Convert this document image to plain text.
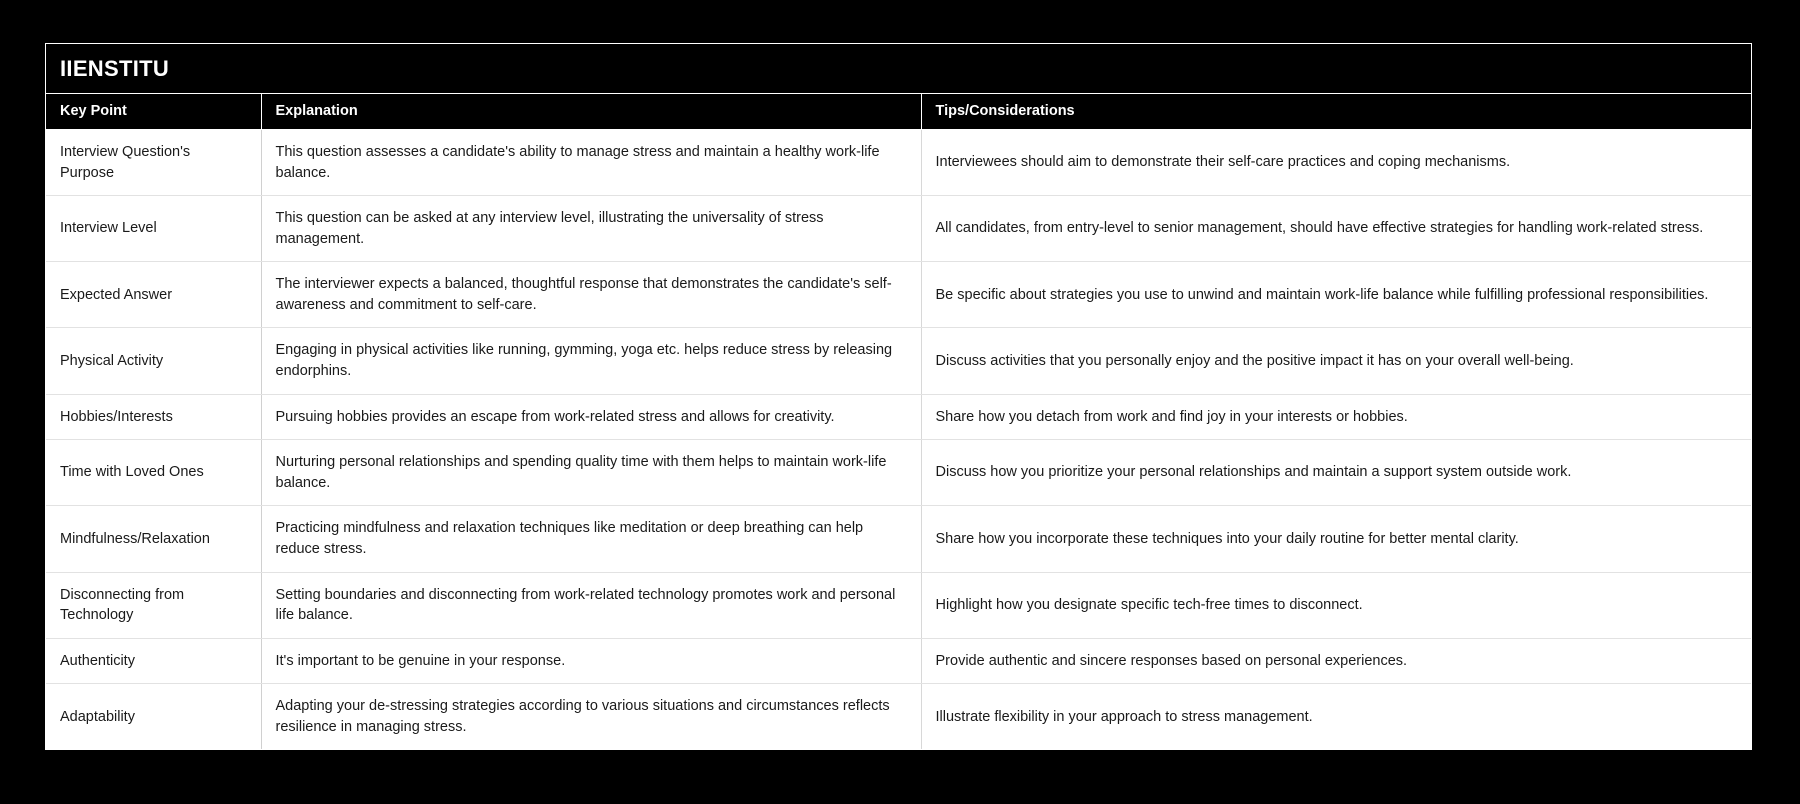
IIENSTITU
Key Point	Explanation	Tips/Considerations
Interview Question's Purpose	This question assesses a candidate's ability to manage stress and maintain a healthy work-life balance.	Interviewees should aim to demonstrate their self-care practices and coping mechanisms.
Interview Level	This question can be asked at any interview level, illustrating the universality of stress management.	All candidates, from entry-level to senior management, should have effective strategies for handling work-related stress.
Expected Answer	The interviewer expects a balanced, thoughtful response that demonstrates the candidate's self-awareness and commitment to self-care.	Be specific about strategies you use to unwind and maintain work-life balance while fulfilling professional responsibilities.
Physical Activity	Engaging in physical activities like running, gymming, yoga etc. helps reduce stress by releasing endorphins.	Discuss activities that you personally enjoy and the positive impact it has on your overall well-being.
Hobbies/Interests	Pursuing hobbies provides an escape from work-related stress and allows for creativity.	Share how you detach from work and find joy in your interests or hobbies.
Time with Loved Ones	Nurturing personal relationships and spending quality time with them helps to maintain work-life balance.	Discuss how you prioritize your personal relationships and maintain a support system outside work.
Mindfulness/Relaxation	Practicing mindfulness and relaxation techniques like meditation or deep breathing can help reduce stress.	Share how you incorporate these techniques into your daily routine for better mental clarity.
Disconnecting from Technology	Setting boundaries and disconnecting from work-related technology promotes work and personal life balance.	Highlight how you designate specific tech-free times to disconnect.
Authenticity	It's important to be genuine in your response.	Provide authentic and sincere responses based on personal experiences.
Adaptability	Adapting your de-stressing strategies according to various situations and circumstances reflects resilience in managing stress.	Illustrate flexibility in your approach to stress management.
